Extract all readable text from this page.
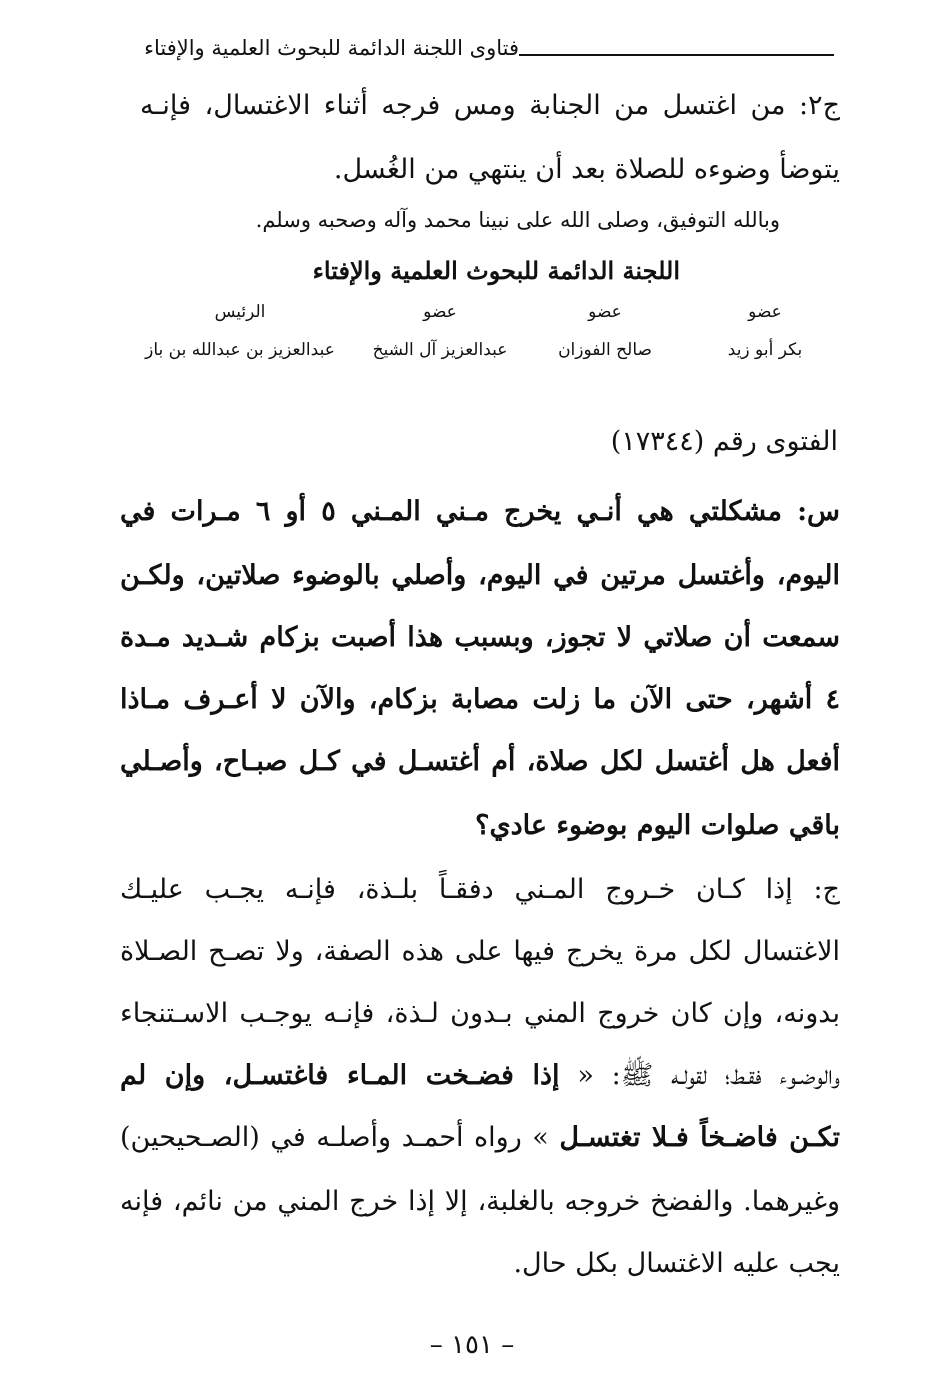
فتاوى اللجنة الدائمة للبحوث العلمية والإفتاء
ج٢: من اغتسل من الجنابة ومس فرجه أثناء الاغتسال، فإنـه
يتوضأ وضوءه للصلاة بعد أن ينتهي من الغُسل.
وبالله التوفيق، وصلى الله على نبينا محمد وآله وصحبه وسلم.
اللجنة الدائمة للبحوث العلمية والإفتاء
عضو
بكر أبو زيد
عضو
صالح الفوزان
عضو
عبدالعزيز آل الشيخ
الرئيس
عبدالعزيز بن عبدالله بن باز
الفتوى رقم (١٧٣٤٤)
س: مشكلتي هي أنـي يخرج مـني المـني ٥ أو ٦ مـرات في
اليوم، وأغتسل مرتين في اليوم، وأصلي بالوضوء صلاتين، ولكـن
سمعت أن صلاتي لا تجوز، وبسبب هذا أصبت بزكام شـديد مـدة
٤ أشهر، حتى الآن ما زلت مصابة بزكام، والآن لا أعـرف مـاذا
أفعل هل أغتسل لكل صلاة، أم أغتسـل في كـل صبـاح، وأصـلي
باقي صلوات اليوم بوضوء عادي؟
ج: إذا كـان خـروج المـني دفقـاً بلـذة، فإنـه يجـب عليـك
الاغتسال لكل مرة يخرج فيها على هذه الصفة، ولا تصـح الصـلاة
بدونه، وإن كان خروج المني بـدون لـذة، فإنـه يوجـب الاسـتنجاء
والوضـوء فقـط؛ لقولـه ﷺ: « إذا فضـخت المـاء فاغتسـل، وإن لم
تكـن فاضـخاً فـلا تغتسـل » رواه أحمـد وأصلـه في (الصـحيحين)
وغيرهما. والفضخ خروجه بالغلبة، إلا إذا خرج المني من نائم، فإنه
يجب عليه الاغتسال بكل حال.
– ١٥١ –
